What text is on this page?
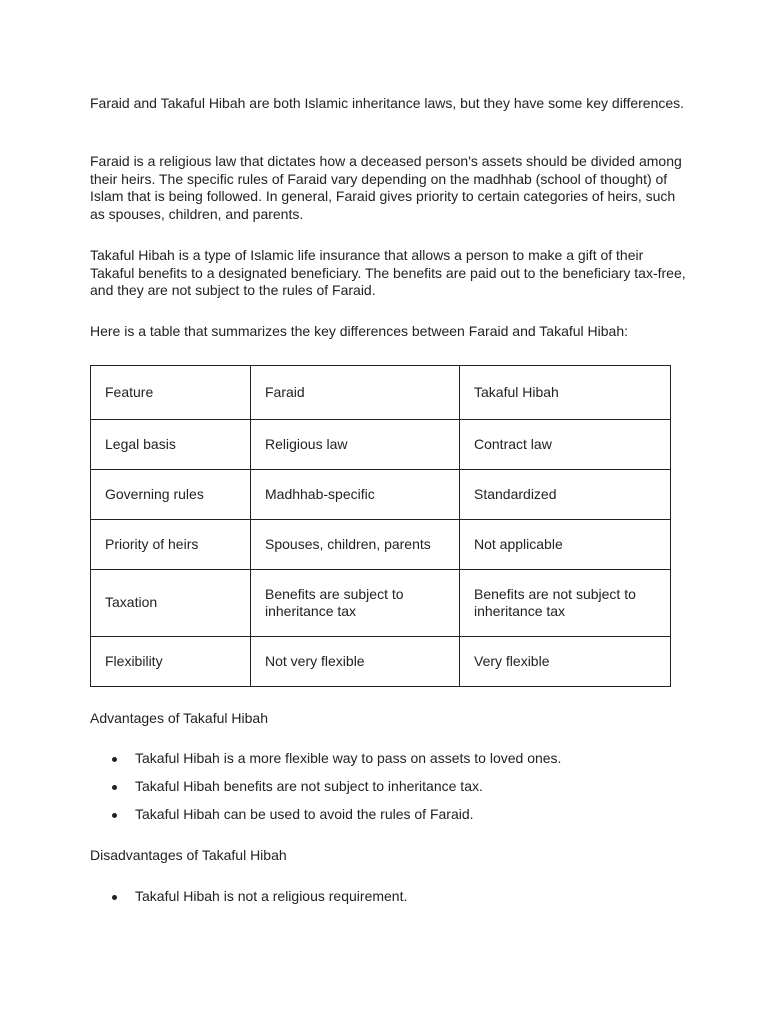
Faraid and Takaful Hibah are both Islamic inheritance laws, but they have some key differences.

Faraid is a religious law that dictates how a deceased person's assets should be divided among their heirs. The specific rules of Faraid vary depending on the madhhab (school of thought) of Islam that is being followed. In general, Faraid gives priority to certain categories of heirs, such as spouses, children, and parents.

Takaful Hibah is a type of Islamic life insurance that allows a person to make a gift of their Takaful benefits to a designated beneficiary. The benefits are paid out to the beneficiary tax-free, and they are not subject to the rules of Faraid.

Here is a table that summarizes the key differences between Faraid and Takaful Hibah:

Feature	Faraid	Takaful Hibah
Legal basis	Religious law	Contract law
Governing rules	Madhhab-specific	Standardized
Priority of heirs	Spouses, children, parents	Not applicable
Taxation	Benefits are subject to inheritance tax	Benefits are not subject to inheritance tax
Flexibility	Not very flexible	Very flexible

Advantages of Takaful Hibah

Takaful Hibah is a more flexible way to pass on assets to loved ones.
Takaful Hibah benefits are not subject to inheritance tax.
Takaful Hibah can be used to avoid the rules of Faraid.

Disadvantages of Takaful Hibah

Takaful Hibah is not a religious requirement.
